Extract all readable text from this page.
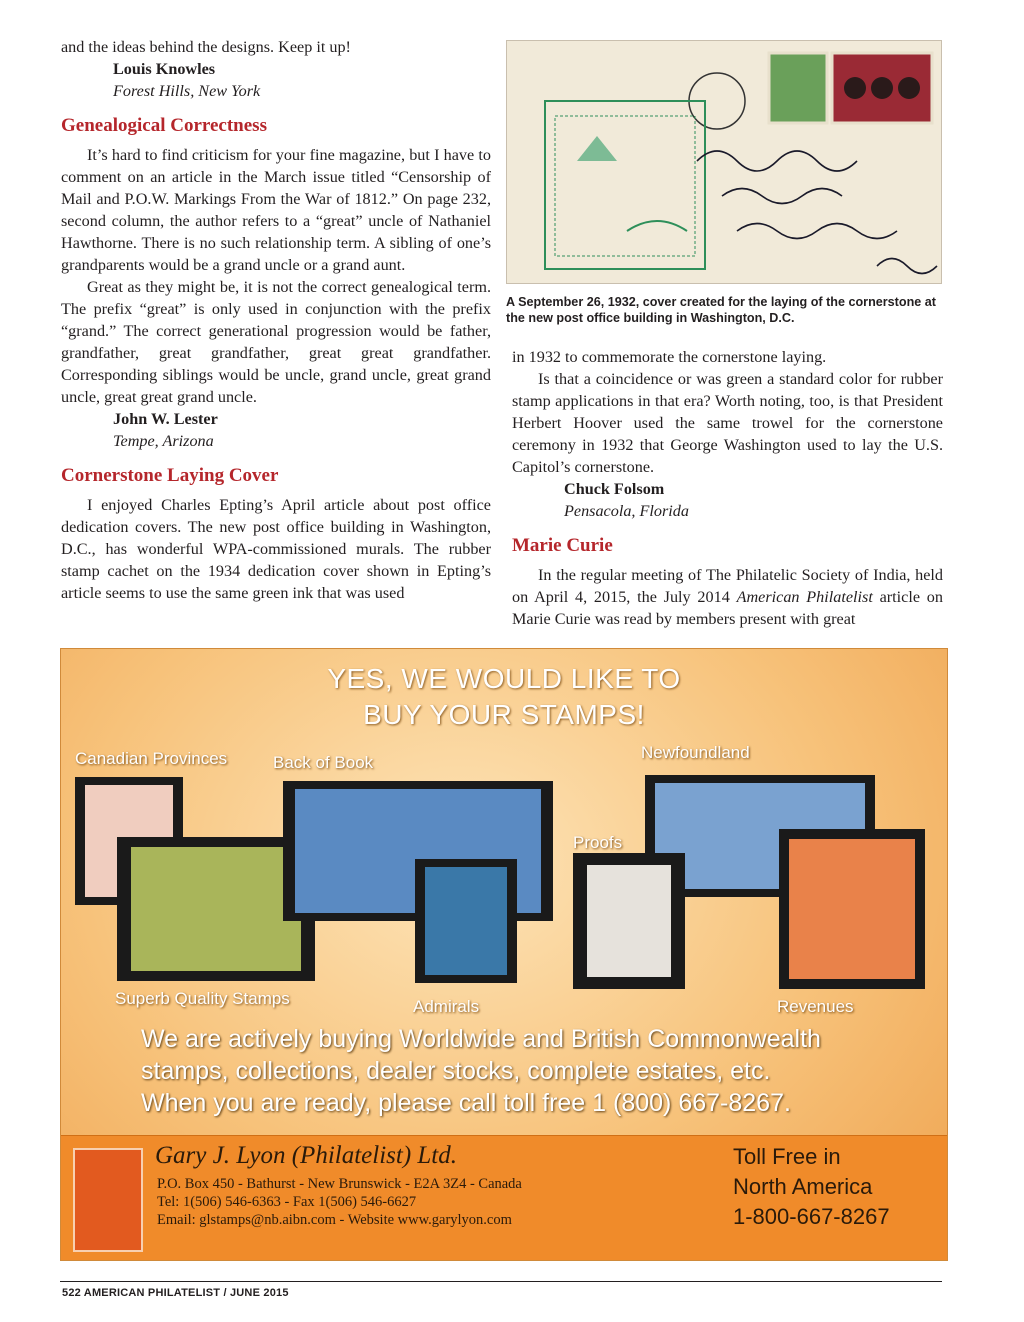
and the ideas behind the designs. Keep it up!

Louis Knowles

Forest Hills, New York

Genealogical Correctness

It’s hard to find criticism for your fine magazine, but I have to comment on an article in the March issue titled “Censorship of Mail and P.O.W. Markings From the War of 1812.” On page 232, second column, the author refers to a “great” uncle of Nathaniel Hawthorne. There is no such relationship term. A sibling of one’s grandparents would be a grand uncle or a grand aunt.

Great as they might be, it is not the correct genealogical term. The prefix “great” is only used in conjunction with the prefix “grand.” The correct generational progression would be father, grandfather, great grandfather, great great grandfather. Corresponding siblings would be uncle, grand uncle, great grand uncle, great great grand uncle.

John W. Lester

Tempe, Arizona

Cornerstone Laying Cover

I enjoyed Charles Epting’s April article about post office dedication covers. The new post office building in Washington, D.C., has wonderful WPA-commissioned murals. The rubber stamp cachet on the 1934 dedication cover shown in Epting’s article seems to use the same green ink that was used

A September 26, 1932, cover created for the laying of the cornerstone at the new post office building in Washington, D.C.

in 1932 to commemorate the cornerstone laying.

Is that a coincidence or was green a standard color for rubber stamp applications in that era? Worth noting, too, is that President Herbert Hoover used the same trowel for the cornerstone ceremony in 1932 that George Washington used to lay the U.S. Capitol’s cornerstone.

Chuck Folsom

Pensacola, Florida

Marie Curie

In the regular meeting of The Philatelic Society of India, held on April 4, 2015, the July 2014 American Philatelist article on Marie Curie was read by members present with great

YES, WE WOULD LIKE TO
BUY YOUR STAMPS!
Canadian Provinces	Back of Book
Newfoundland
Proofs
Superb Quality Stamps	Admirals	Revenues
We are actively buying Worldwide and British Commonwealth
stamps, collections, dealer stocks, complete estates, etc.
When you are ready, please call toll free 1 (800) 667-8267.
Gary J. Lyon (Philatelist) Ltd.
P.O. Box 450 - Bathurst - New Brunswick - E2A 3Z4 - Canada
Tel: 1(506) 546-6363 - Fax 1(506) 546-6627
Email: glstamps@nb.aibn.com - Website www.garylyon.com
Toll Free in
North America
1-800-667-8267
522 AMERICAN PHILATELIST / JUNE 2015
